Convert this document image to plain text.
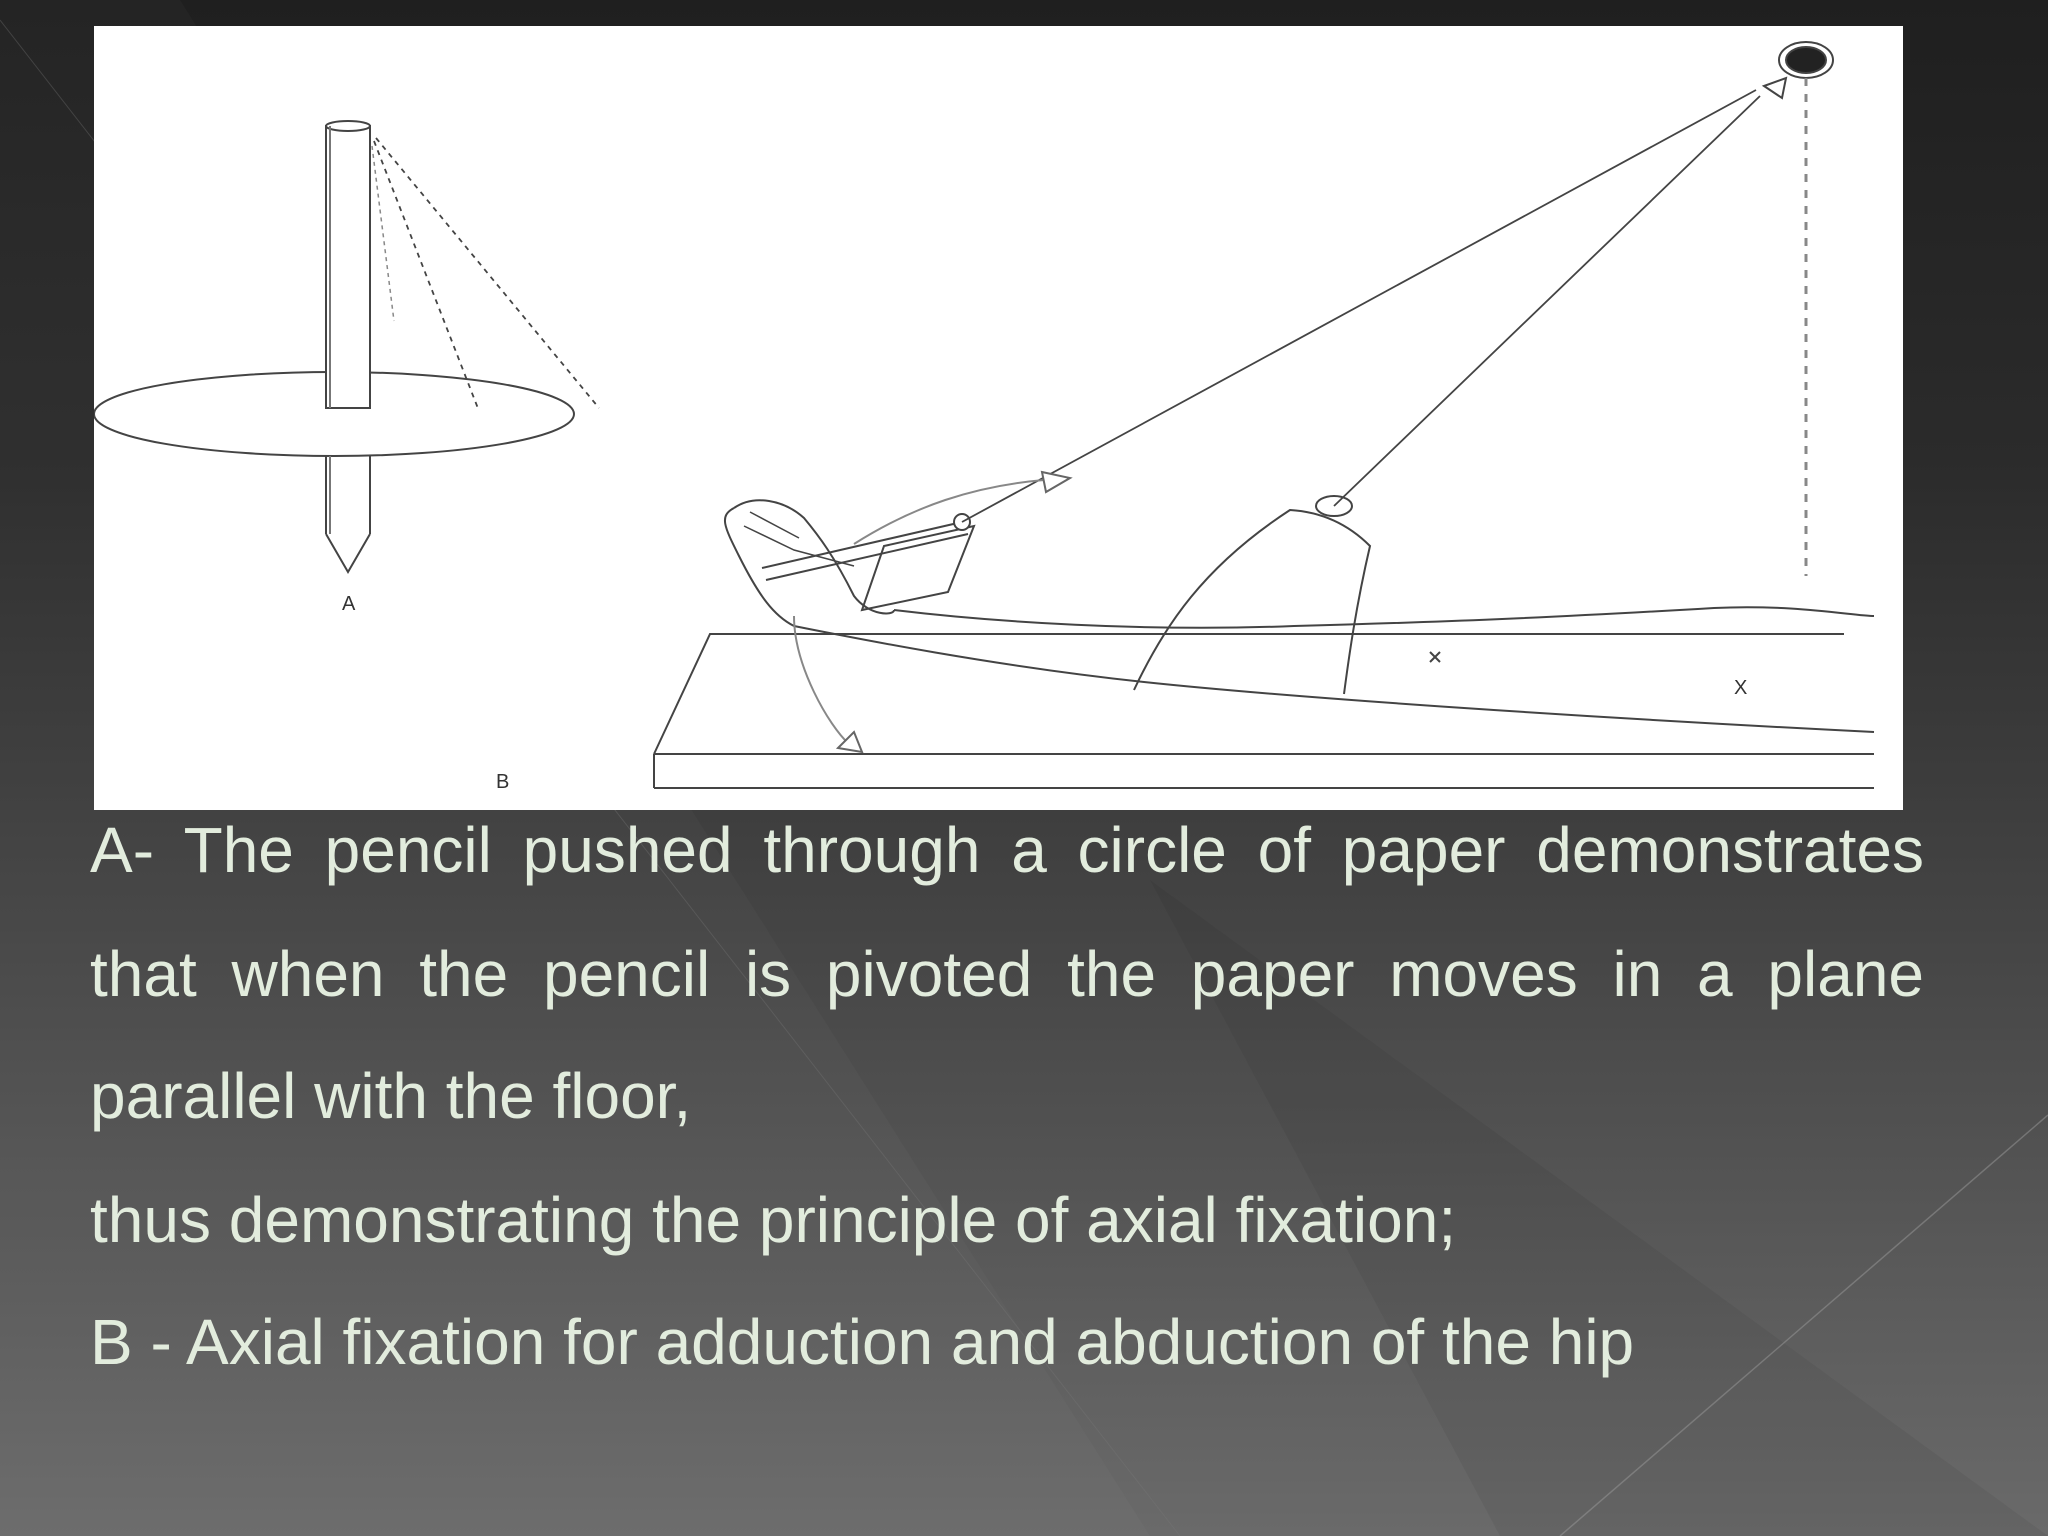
A
B
X

A- The pencil pushed through a circle of paper demonstrates

that when the pencil is pivoted the paper moves in a plane

parallel with the floor,

thus demonstrating the principle of axial fixation;

B - Axial fixation for adduction and abduction of the hip
